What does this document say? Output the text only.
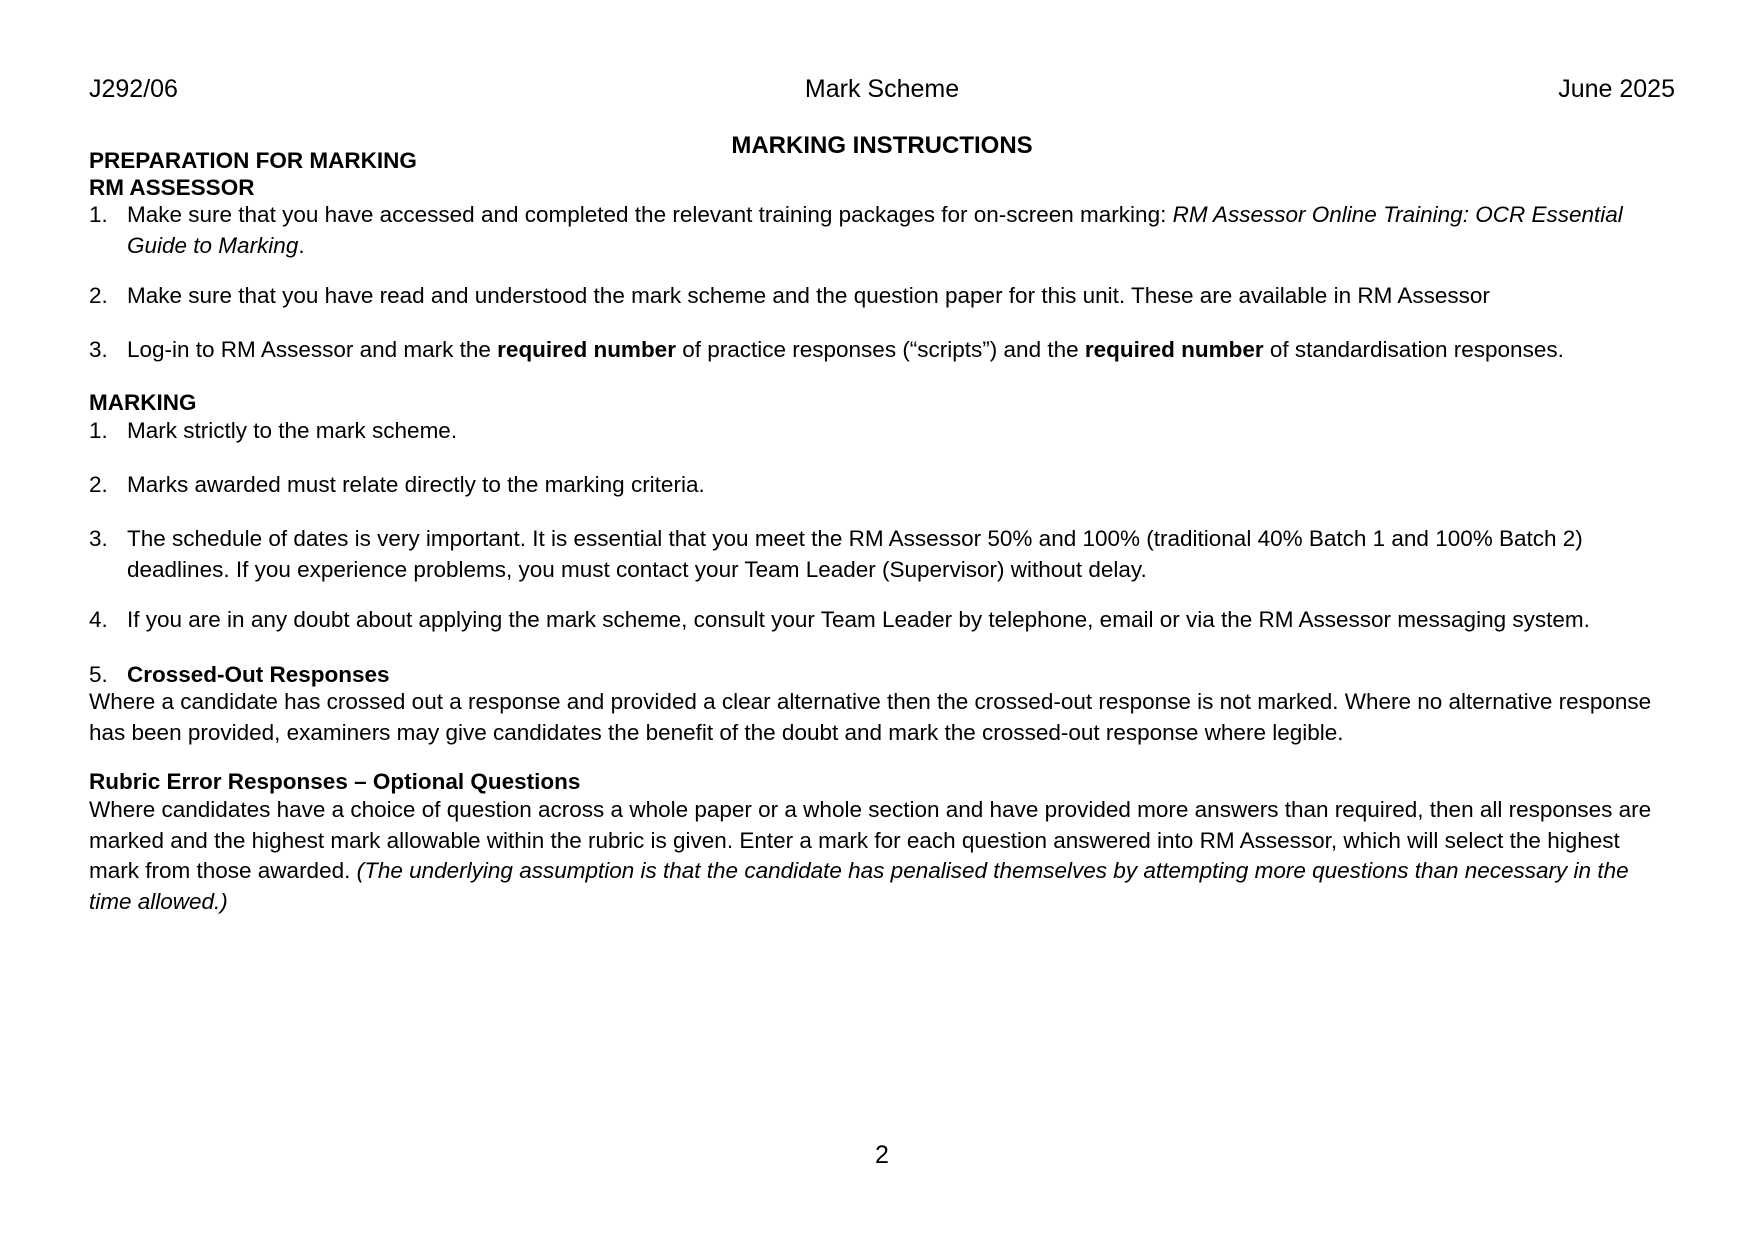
J292/06	Mark Scheme	June 2025
MARKING INSTRUCTIONS
PREPARATION FOR MARKING
RM ASSESSOR
1. Make sure that you have accessed and completed the relevant training packages for on-screen marking: RM Assessor Online Training: OCR Essential Guide to Marking.
2. Make sure that you have read and understood the mark scheme and the question paper for this unit. These are available in RM Assessor
3. Log-in to RM Assessor and mark the required number of practice responses (“scripts”) and the required number of standardisation responses.
MARKING
1. Mark strictly to the mark scheme.
2. Marks awarded must relate directly to the marking criteria.
3. The schedule of dates is very important. It is essential that you meet the RM Assessor 50% and 100% (traditional 40% Batch 1 and 100% Batch 2) deadlines. If you experience problems, you must contact your Team Leader (Supervisor) without delay.
4. If you are in any doubt about applying the mark scheme, consult your Team Leader by telephone, email or via the RM Assessor messaging system.
5. Crossed-Out Responses
Where a candidate has crossed out a response and provided a clear alternative then the crossed-out response is not marked. Where no alternative response has been provided, examiners may give candidates the benefit of the doubt and mark the crossed-out response where legible.
Rubric Error Responses – Optional Questions
Where candidates have a choice of question across a whole paper or a whole section and have provided more answers than required, then all responses are marked and the highest mark allowable within the rubric is given. Enter a mark for each question answered into RM Assessor, which will select the highest mark from those awarded. (The underlying assumption is that the candidate has penalised themselves by attempting more questions than necessary in the time allowed.)
2
